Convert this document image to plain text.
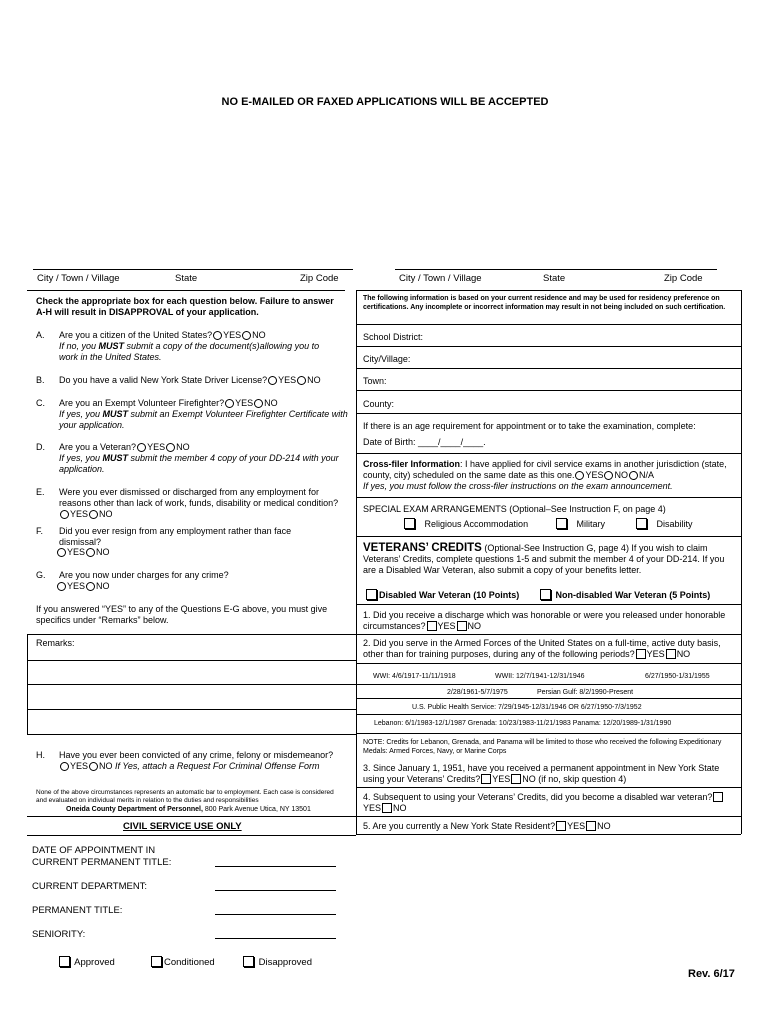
NO E-MAILED OR FAXED APPLICATIONS WILL BE ACCEPTED
City / Town / Village	State	Zip Code	City / Town / Village	State	Zip Code
Check the appropriate box for each question below. Failure to answer A-H will result in DISAPPROVAL of your application.
A. Are you a citizen of the United States? YES NO
If no, you MUST submit a copy of the document(s)allowing you to work in the United States.
B. Do you have a valid New York State Driver License? YES NO
C. Are you an Exempt Volunteer Firefighter? YES NO
If yes, you MUST submit an Exempt Volunteer Firefighter Certificate with your application.
D. Are you a Veteran? YES NO
If yes, you MUST submit the member 4 copy of your DD-214 with your application.
E. Were you ever dismissed or discharged from any employment for reasons other than lack of work, funds, disability or medical condition?YES NO
F. Did you ever resign from any employment rather than face dismissal?
YES NO
G. Are you now under charges for any crime?
YES NO
If you answered “YES” to any of the Questions E-G above, you must give specifics under “Remarks” below.
Remarks:
H. Have you ever been convicted of any crime, felony or misdemeanor?YES NO If Yes, attach a Request For Criminal Offense Form
None of the above circumstances represents an automatic bar to employment. Each case is considered and evaluated on individual merits in relation to the duties and responsibilities
Oneida County Department of Personnel, 800 Park Avenue Utica, NY 13501
CIVIL SERVICE USE ONLY
DATE OF APPOINTMENT IN
CURRENT PERMANENT TITLE:
CURRENT DEPARTMENT:
PERMANENT TITLE:
SENIORITY:
Approved	Conditioned	Disapproved
The following information is based on your current residence and may be used for residency preference on certifications. Any incomplete or incorrect information may result in not being included on such certification.
School District:
City/Village:
Town:
County:
If there is an age requirement for appointment or to take the examination, complete:
Date of Birth: ____/____/____.
Cross-filer Information: I have applied for civil service exams in another jurisdiction (state, county, city) scheduled on the same date as this one. YES NO N/A
If yes, you must follow the cross-filer instructions on the exam announcement.
SPECIAL EXAM ARRANGEMENTS (Optional–See Instruction F, on page 4)
Religious Accommodation	Military	Disability
VETERANS’ CREDITS (Optional-See Instruction G, page 4) If you wish to claim Veterans’ Credits, complete questions 1-5 and submit the member 4 of your DD-214. If you are a Disabled War Veteran, also submit a copy of your benefits letter.
Disabled War Veteran (10 Points)	Non-disabled War Veteran (5 Points)
1. Did you receive a discharge which was honorable or were you released under honorable circumstances? YES NO
2. Did you serve in the Armed Forces of the United States on a full-time, active duty basis, other than for training purposes, during any of the following periods? YES NO
WWI: 4/6/1917-11/11/1918	WWII: 12/7/1941-12/31/1946	6/27/1950-1/31/1955
2/28/1961-5/7/1975	Persian Gulf: 8/2/1990-Present
U.S. Public Health Service: 7/29/1945-12/31/1946 OR 6/27/1950-7/3/1952
Lebanon: 6/1/1983-12/1/1987 Grenada: 10/23/1983-11/21/1983 Panama: 12/20/1989-1/31/1990
NOTE: Credits for Lebanon, Grenada, and Panama will be limited to those who received the following Expeditionary Medals: Armed Forces, Navy, or Marine Corps
3. Since January 1, 1951, have you received a permanent appointment in New York State using your Veterans’ Credits? YES NO (if no, skip question 4)
4. Subsequent to using your Veterans’ Credits, did you become a disabled war veteran?YES NO
5. Are you currently a New York State Resident? YES NO
Rev. 6/17
